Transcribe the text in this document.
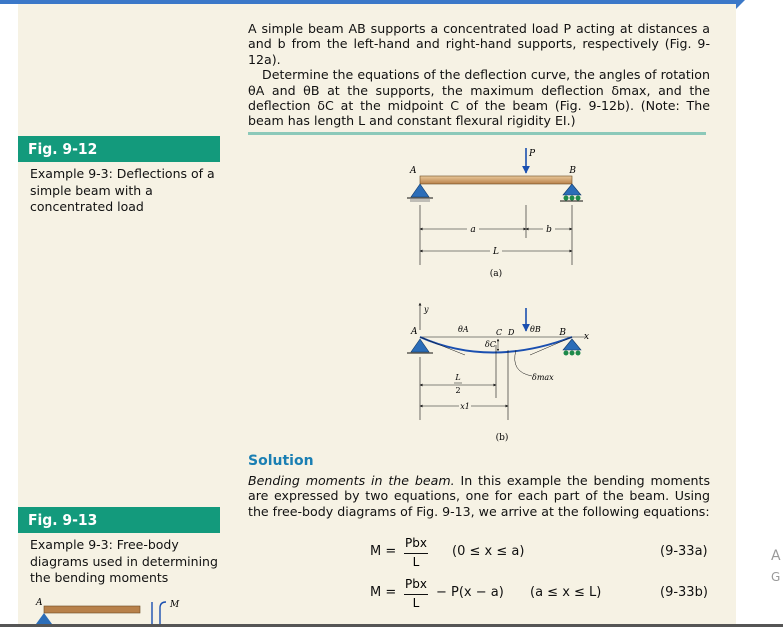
A simple beam AB supports a concentrated load P acting at distances a and b from the left-hand and right-hand supports, respectively (Fig. 9-12a).

Determine the equations of the deflection curve, the angles of rotation θA and θB at the supports, the maximum deflection δmax, and the deflection δC at the midpoint C of the beam (Fig. 9-12b). (Note: The beam has length L and constant flexural rigidity EI.)

Fig. 9-12
Example 9-3: Deflections of a simple beam with a concentrated load
A	B
P
a	b
L
(a)
y
A	x
B
θA	θB
C D
δC
δmax
L
2
x1
(b)
Solution
Bending moments in the beam. In this example the bending moments are expressed by two equations, one for each part of the beam. Using the free-body diagrams of Fig. 9-13, we arrive at the following equations:
Fig. 9-13
Example 9-3: Free-body diagrams used in determining the bending moments
A	M
M =
Pbx
L
(0 ≤ x ≤ a)	(9-33a)
M =
Pbx
L
− P(x − a) (a ≤ x ≤ L)	(9-33b)
A
G
